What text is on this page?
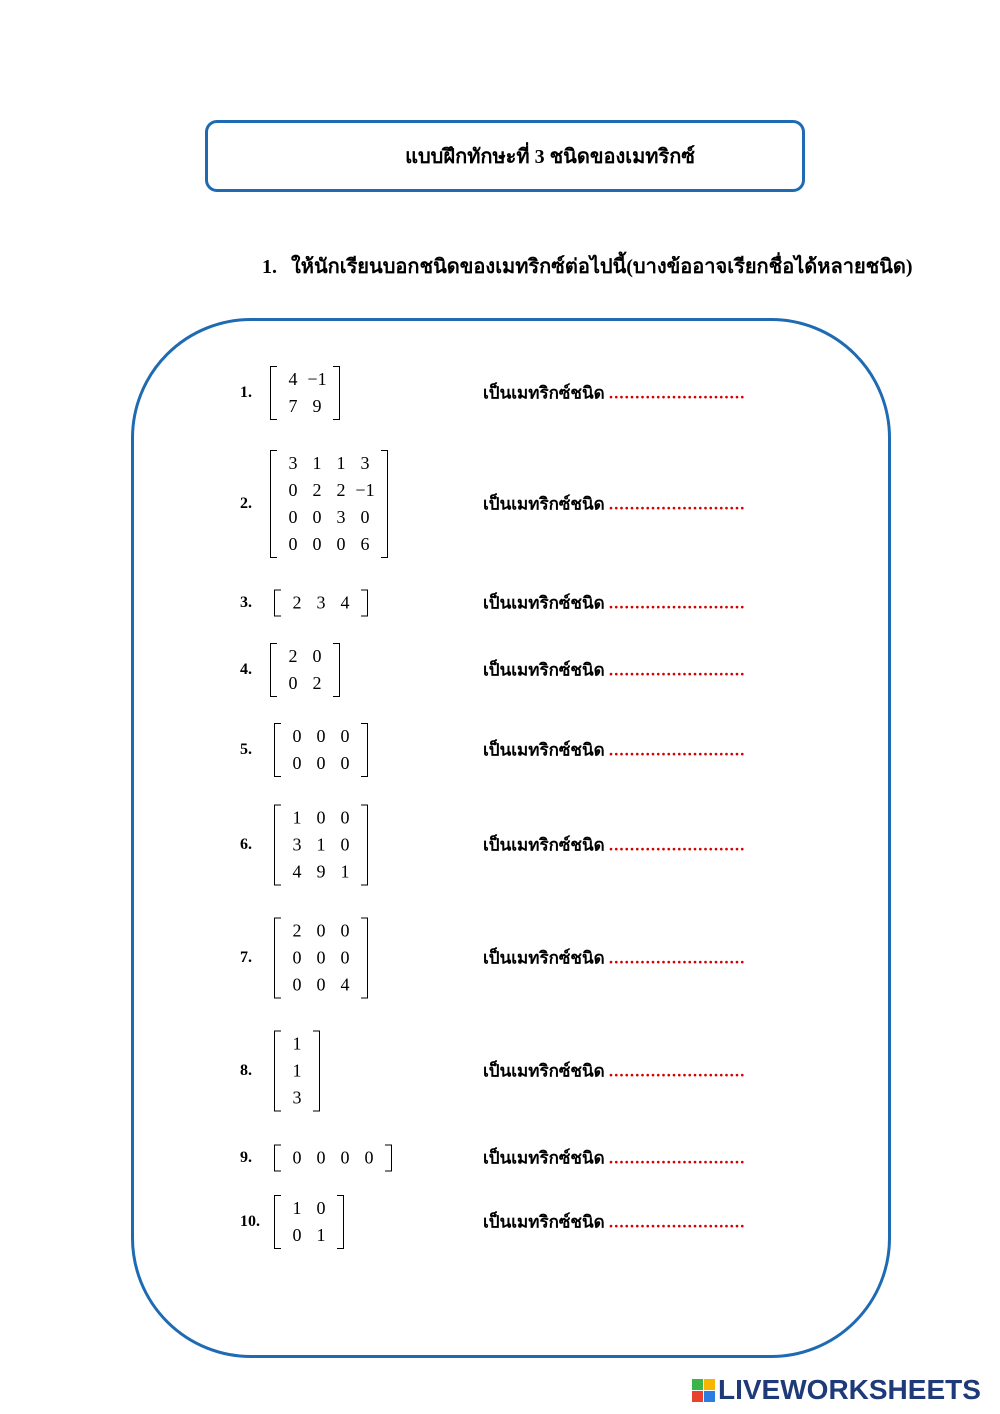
แบบฝึกทักษะที่ 3 ชนิดของเมทริกซ์
1. ให้นักเรียนบอกชนิดของเมทริกซ์ต่อไปนี้(บางข้ออาจเรียกชื่อได้หลายชนิด)
1.
4 −1
7 9
เป็นเมทริกซ์ชนิด ..........................
2.
3 1 1 3
0 2 2 −1
0 0 3 0
0 0 0 6
เป็นเมทริกซ์ชนิด ..........................
3.	2 3 4	เป็นเมทริกซ์ชนิด ..........................
4.
2 0
0 2
เป็นเมทริกซ์ชนิด ..........................
5.
0 0 0
0 0 0
เป็นเมทริกซ์ชนิด ..........................
6.
1 0 0
3 1 0
4 9 1
เป็นเมทริกซ์ชนิด ..........................
7.
2 0 0
0 0 0
0 0 4
เป็นเมทริกซ์ชนิด ..........................
8.
1
1
3
เป็นเมทริกซ์ชนิด ..........................
9.	0 0 0 0	เป็นเมทริกซ์ชนิด ..........................
10.
1 0
0 1
เป็นเมทริกซ์ชนิด ..........................
LIVEWORKSHEETS
